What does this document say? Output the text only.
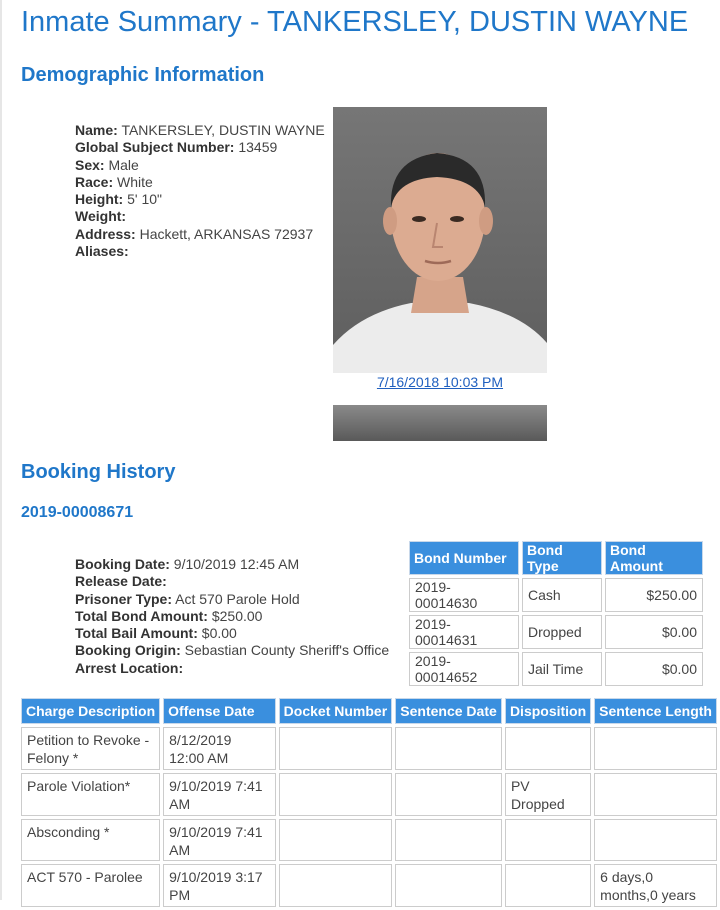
Inmate Summary - TANKERSLEY, DUSTIN WAYNE
Demographic Information
Name: TANKERSLEY, DUSTIN WAYNE
Global Subject Number: 13459
Sex: Male
Race: White
Height: 5' 10"
Weight:
Address: Hackett, ARKANSAS 72937
Aliases:
7/16/2018 10:03 PM
Booking History
2019-00008671
Booking Date: 9/10/2019 12:45 AM
Release Date:
Prisoner Type: Act 570 Parole Hold
Total Bond Amount: $250.00
Total Bail Amount: $0.00
Booking Origin: Sebastian County Sheriff's Office
Arrest Location:
Bond Number	Bond Type	Bond Amount
2019-00014630	Cash	$250.00
2019-00014631	Dropped	$0.00
2019-00014652	Jail Time	$0.00
Charge Description	Offense Date	Docket Number	Sentence Date	Disposition	Sentence Length
Petition to Revoke - Felony *	8/12/2019 12:00 AM				
Parole Violation*	9/10/2019 7:41 AM			PV Dropped	
Absconding *	9/10/2019 7:41 AM				
ACT 570 - Parolee	9/10/2019 3:17 PM				6 days,0 months,0 years
